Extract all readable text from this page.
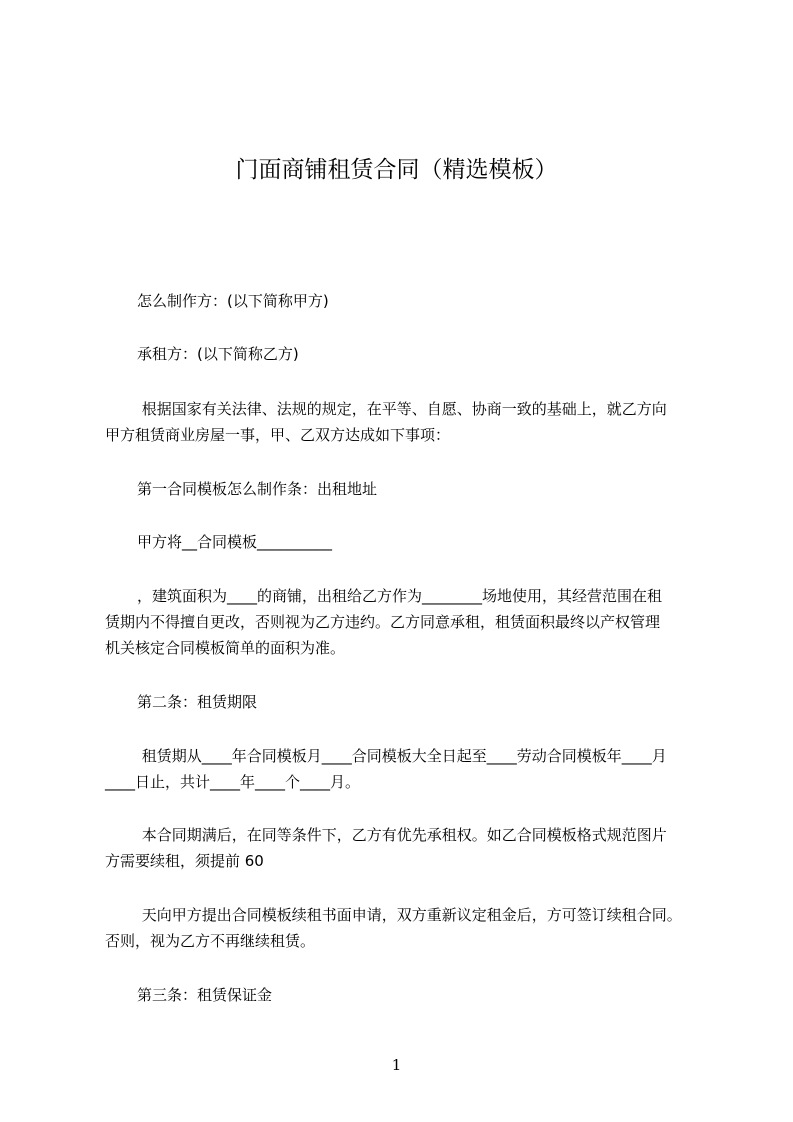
门面商铺租赁合同（精选模板）
怎么制作方：(以下简称甲方)
承租方：(以下简称乙方)
根据国家有关法律、法规的规定，在平等、自愿、协商一致的基础上，就乙方向
甲方租赁商业房屋一事，甲、乙双方达成如下事项：
第一合同模板怎么制作条：出租地址
甲方将__合同模板__________
，建筑面积为____的商铺，出租给乙方作为________场地使用，其经营范围在租
赁期内不得擅自更改，否则视为乙方违约。乙方同意承租，租赁面积最终以产权管理
机关核定合同模板简单的面积为准。
第二条：租赁期限
租赁期从____年合同模板月____合同模板大全日起至____劳动合同模板年____月
____日止，共计____年____个____月。
本合同期满后，在同等条件下，乙方有优先承租权。如乙合同模板格式规范图片
方需要续租，须提前 60
天向甲方提出合同模板续租书面申请，双方重新议定租金后，方可签订续租合同。
否则，视为乙方不再继续租赁。
第三条：租赁保证金
1
